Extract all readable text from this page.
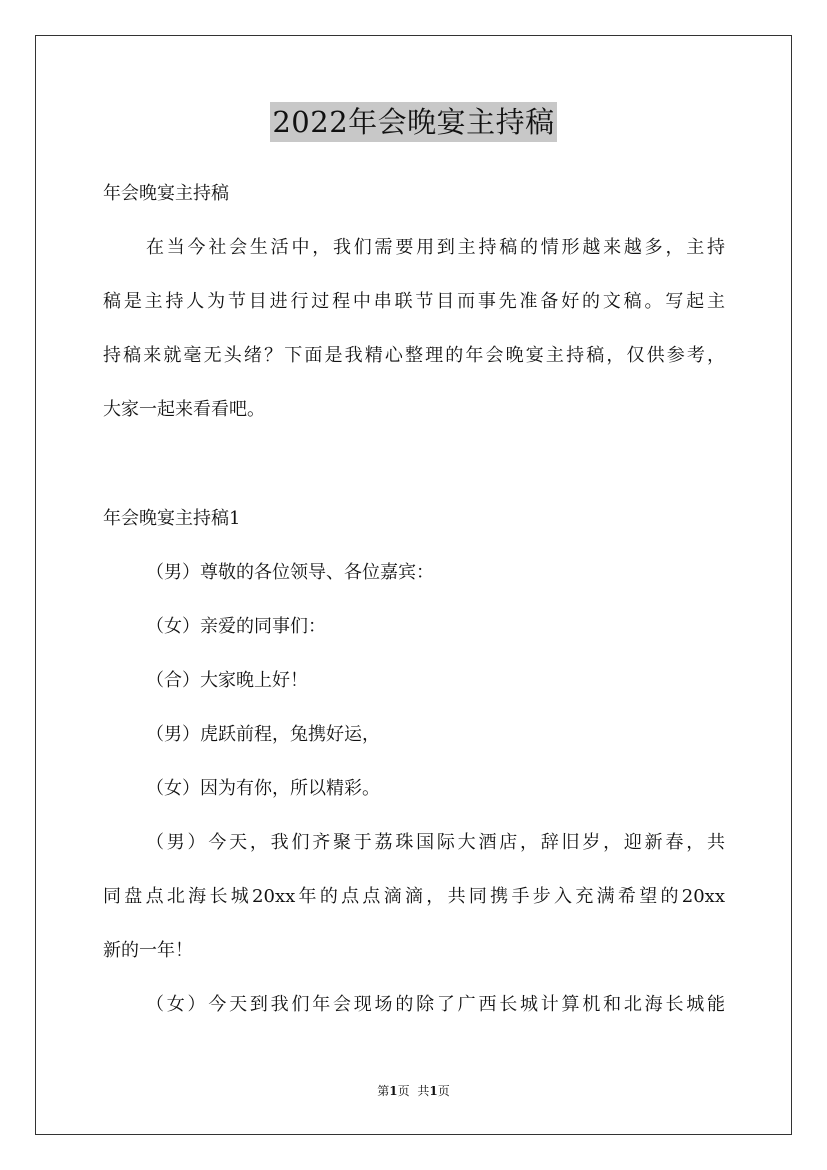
2022年会晚宴主持稿
年会晚宴主持稿
在当今社会生活中，我们需要用到主持稿的情形越来越多，主持
稿是主持人为节目进行过程中串联节目而事先准备好的文稿。写起主
持稿来就毫无头绪？下面是我精心整理的年会晚宴主持稿，仅供参考，
大家一起来看看吧。
年会晚宴主持稿1
（男）尊敬的各位领导、各位嘉宾：
（女）亲爱的同事们：
（合）大家晚上好！
（男）虎跃前程，兔携好运，
（女）因为有你，所以精彩。
（男）今天，我们齐聚于荔珠国际大酒店，辞旧岁，迎新春，共
同盘点北海长城20xx年的点点滴滴，共同携手步入充满希望的20xx
新的一年！
（女）今天到我们年会现场的除了广西长城计算机和北海长城能
第1页 共1页
